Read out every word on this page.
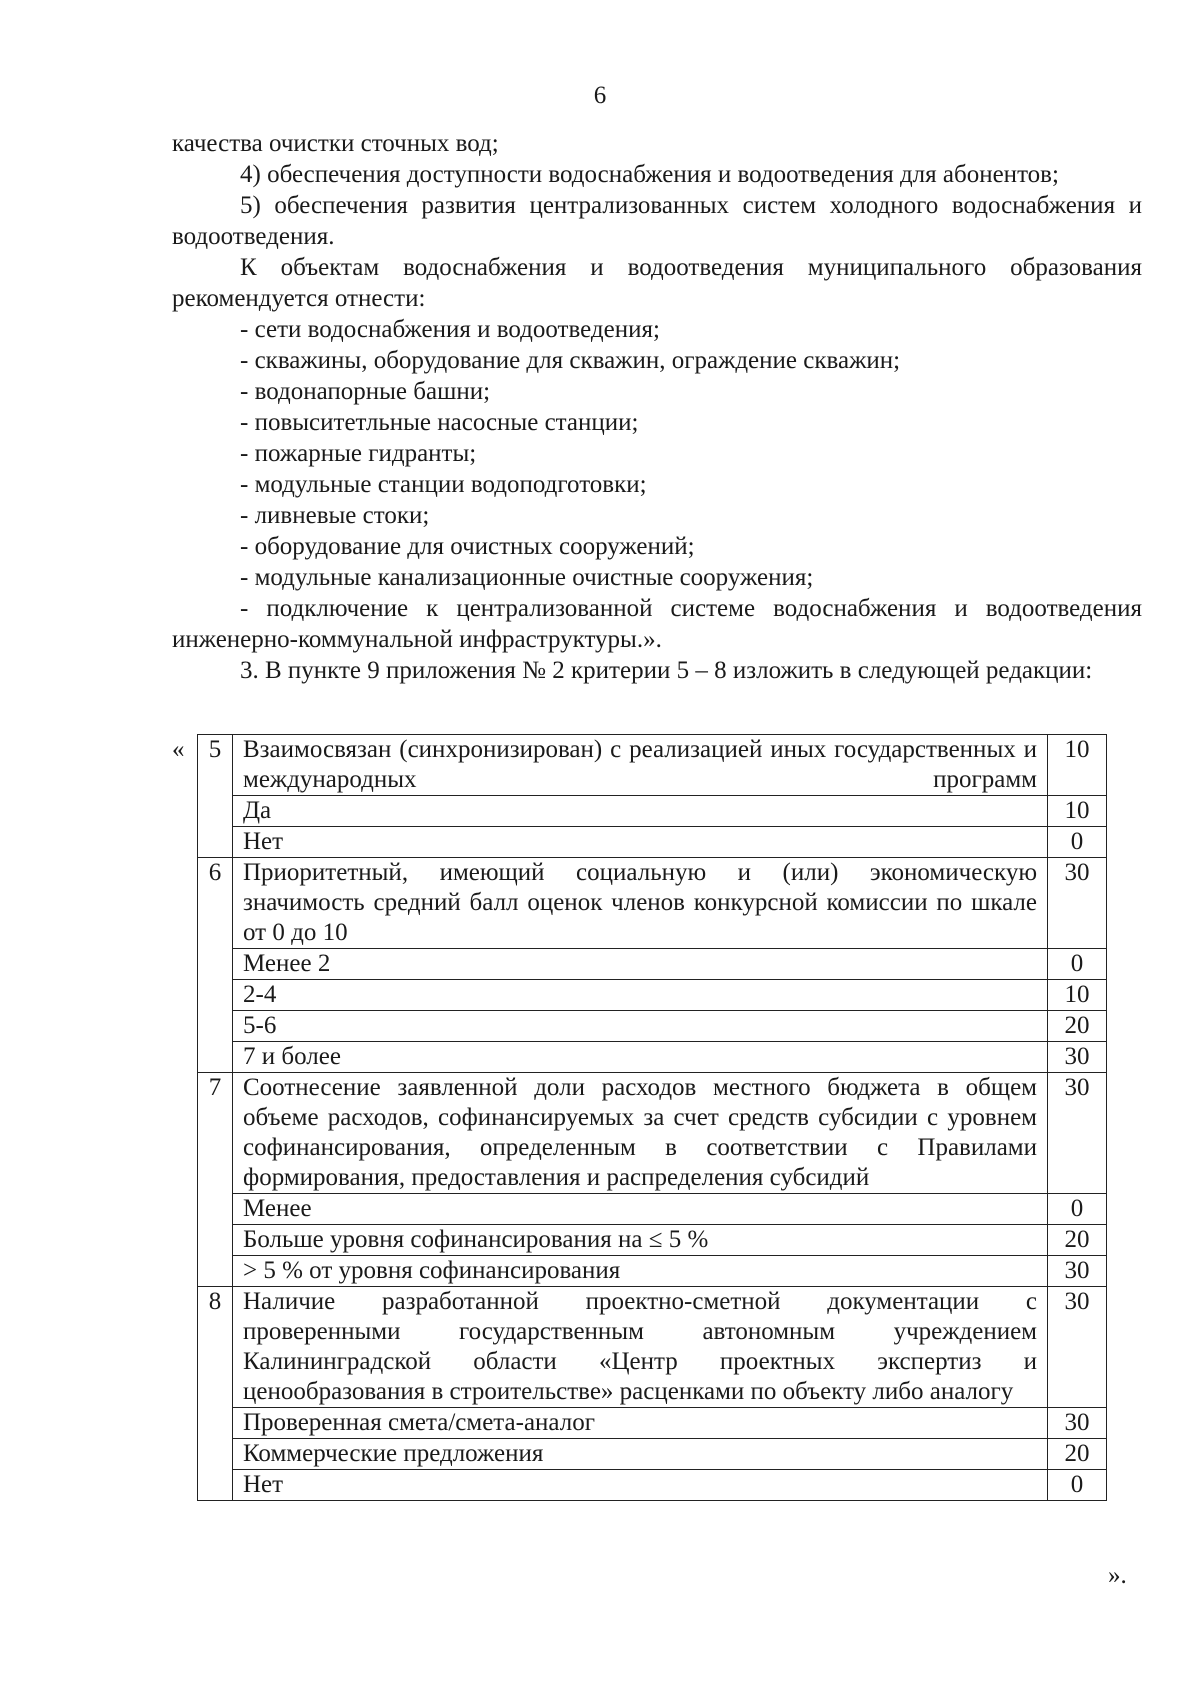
6

качества очистки сточных вод;

4) обеспечения доступности водоснабжения и водоотведения для абонентов;

5) обеспечения развития централизованных систем холодного водоснабжения и водоотведения.

К объектам водоснабжения и водоотведения муниципального образования рекомендуется отнести:

- сети водоснабжения и водоотведения;

- скважины, оборудование для скважин, ограждение скважин;

- водонапорные башни;

- повыситетльные насосные станции;

- пожарные гидранты;

- модульные станции водоподготовки;

- ливневые стоки;

- оборудование для очистных сооружений;

- модульные канализационные очистные сооружения;

- подключение к централизованной системе водоснабжения и водоотведения инженерно-коммунальной инфраструктуры.».

3. В пункте 9 приложения № 2 критерии 5 – 8 изложить в следующей редакции:

« 5	Взаимосвязан (синхронизирован) с реализацией иных государственных и международных программ	10
	Да	10
	Нет	0
6	Приоритетный, имеющий социальную и (или) экономическую значимость средний балл оценок членов конкурсной комиссии по шкале от 0 до 10	30
	Менее 2	0
	2-4	10
	5-6	20
	7 и более	30
7	Соотнесение заявленной доли расходов местного бюджета в общем объеме расходов, софинансируемых за счет средств субсидии с уровнем софинансирования, определенным в соответствии с Правилами формирования, предоставления и распределения субсидий	30
	Менее	0
	Больше уровня софинансирования на ≤ 5 %	20
	> 5 % от уровня софинансирования	30
8	Наличие разработанной проектно-сметной документации с проверенными государственным автономным учреждением Калининградской области «Центр проектных экспертиз и ценообразования в строительстве» расценками по объекту либо аналогу	30
	Проверенная смета/смета-аналог	30
	Коммерческие предложения	20
	Нет	0
».
